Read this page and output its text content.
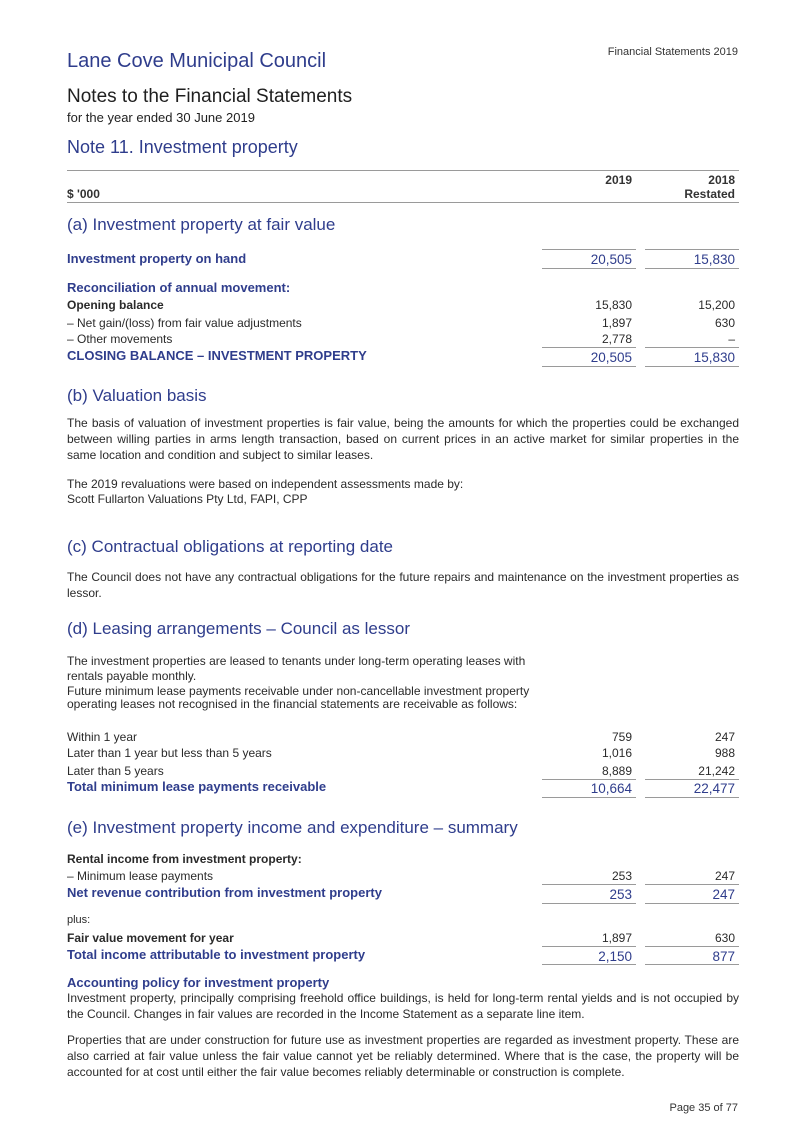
Lane Cove Municipal Council	Financial Statements 2019
Notes to the Financial Statements
for the year ended 30 June 2019
Note 11. Investment property
$ '000
2019	2018
Restated
(a) Investment property at fair value
Investment property on hand	20,505	15,830
Reconciliation of annual movement:
Opening balance	15,830	15,200
– Net gain/(loss) from fair value adjustments	1,897	630
– Other movements	2,778	–
CLOSING BALANCE – INVESTMENT PROPERTY	20,505	15,830
(b) Valuation basis
The basis of valuation of investment properties is fair value, being the amounts for which the properties could be exchanged between willing parties in arms length transaction, based on current prices in an active market for similar properties in the same location and condition and subject to similar leases.
The 2019 revaluations were based on independent assessments made by:
Scott Fullarton Valuations Pty Ltd, FAPI, CPP
(c) Contractual obligations at reporting date
The Council does not have any contractual obligations for the future repairs and maintenance on the investment properties as lessor.
(d) Leasing arrangements – Council as lessor
The investment properties are leased to tenants under long-term operating leases with rentals payable monthly.
Future minimum lease payments receivable under non-cancellable investment property operating leases not recognised in the financial statements are receivable as follows:
Within 1 year	759	247
Later than 1 year but less than 5 years	1,016	988
Later than 5 years	8,889	21,242
Total minimum lease payments receivable	10,664	22,477
(e) Investment property income and expenditure – summary
Rental income from investment property:
– Minimum lease payments	253	247
Net revenue contribution from investment property	253	247
plus:
Fair value movement for year	1,897	630
Total income attributable to investment property	2,150	877
Accounting policy for investment property
Investment property, principally comprising freehold office buildings, is held for long-term rental yields and is not occupied by the Council. Changes in fair values are recorded in the Income Statement as a separate line item.
Properties that are under construction for future use as investment properties are regarded as investment property. These are also carried at fair value unless the fair value cannot yet be reliably determined. Where that is the case, the property will be accounted for at cost until either the fair value becomes reliably determinable or construction is complete.
Page 35 of 77
